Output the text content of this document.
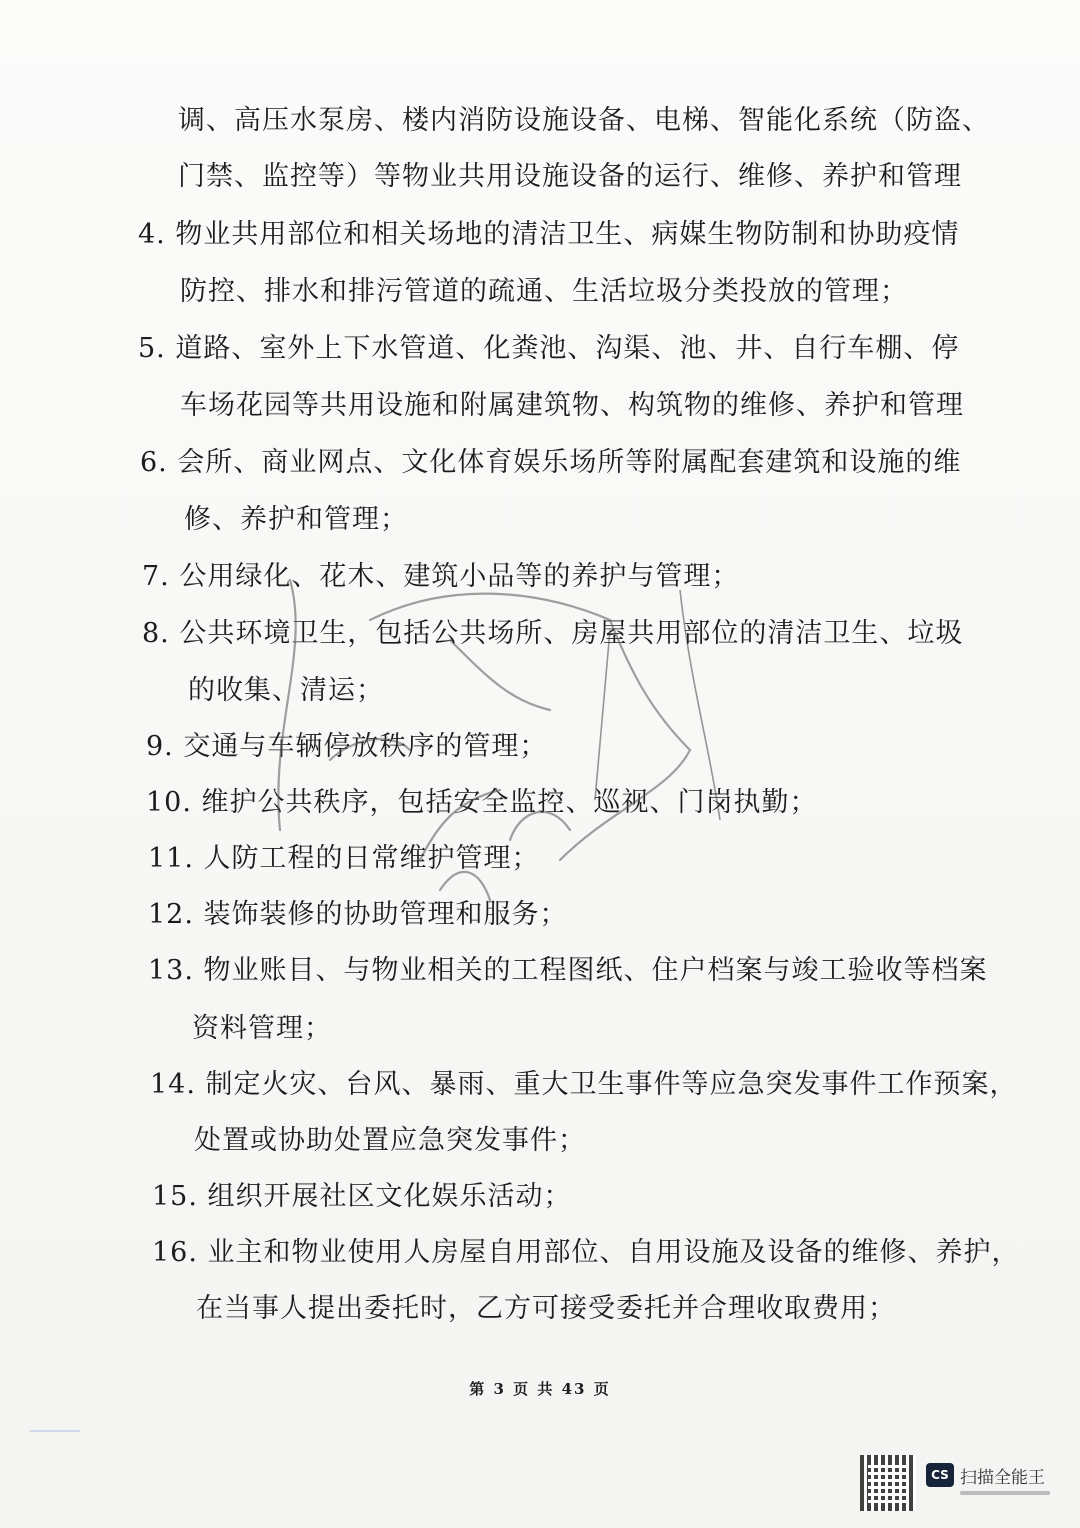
调、高压水泵房、楼内消防设施设备、电梯、智能化系统（防盗、
门禁、监控等）等物业共用设施设备的运行、维修、养护和管理
4. 物业共用部位和相关场地的清洁卫生、病媒生物防制和协助疫情
防控、排水和排污管道的疏通、生活垃圾分类投放的管理；
5. 道路、室外上下水管道、化粪池、沟渠、池、井、自行车棚、停
车场花园等共用设施和附属建筑物、构筑物的维修、养护和管理
6. 会所、商业网点、文化体育娱乐场所等附属配套建筑和设施的维
修、养护和管理；
7. 公用绿化、花木、建筑小品等的养护与管理；
8. 公共环境卫生，包括公共场所、房屋共用部位的清洁卫生、垃圾
的收集、清运；
9. 交通与车辆停放秩序的管理；
10. 维护公共秩序，包括安全监控、巡视、门岗执勤；
11. 人防工程的日常维护管理；
12. 装饰装修的协助管理和服务；
13. 物业账目、与物业相关的工程图纸、住户档案与竣工验收等档案
资料管理；
14. 制定火灾、台风、暴雨、重大卫生事件等应急突发事件工作预案，
处置或协助处置应急突发事件；
15. 组织开展社区文化娱乐活动；
16. 业主和物业使用人房屋自用部位、自用设施及设备的维修、养护，
在当事人提出委托时，乙方可接受委托并合理收取费用；
第 3 页 共 43 页
CS 扫描全能王
